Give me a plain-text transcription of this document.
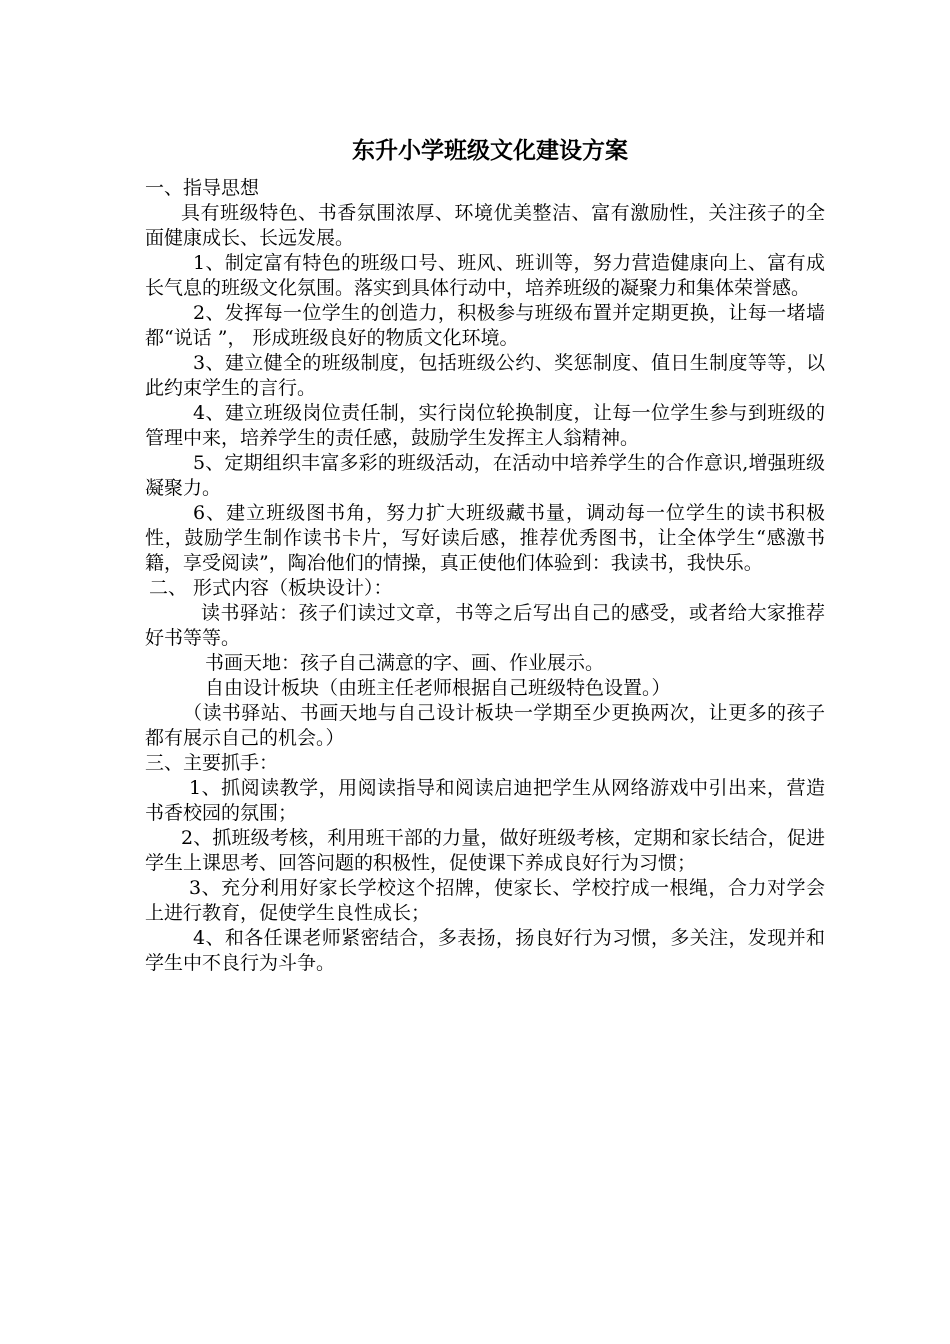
东升小学班级文化建设方案
一、指导思想
具有班级特色、书香氛围浓厚、环境优美整洁、富有激励性，关注孩子的全面健康成长、长远发展。
1、制定富有特色的班级口号、班风、班训等，努力营造健康向上、富有成长气息的班级文化氛围。落实到具体行动中，培养班级的凝聚力和集体荣誉感。
2、发挥每一位学生的创造力，积极参与班级布置并定期更换，让每一堵墙都“说话 ”， 形成班级良好的物质文化环境。
3、建立健全的班级制度，包括班级公约、奖惩制度、值日生制度等等，以此约束学生的言行。
4、建立班级岗位责任制，实行岗位轮换制度，让每一位学生参与到班级的管理中来，培养学生的责任感，鼓励学生发挥主人翁精神。
5、定期组织丰富多彩的班级活动，在活动中培养学生的合作意识,增强班级凝聚力。
6、建立班级图书角，努力扩大班级藏书量，调动每一位学生的读书积极性，鼓励学生制作读书卡片，写好读后感，推荐优秀图书，让全体学生“感激书籍，享受阅读”，陶冶他们的情操，真正使他们体验到：我读书，我快乐。
二、 形式内容（板块设计）：
读书驿站：孩子们读过文章，书等之后写出自己的感受，或者给大家推荐好书等等。
书画天地：孩子自己满意的字、画、作业展示。
自由设计板块（由班主任老师根据自己班级特色设置。）
（读书驿站、书画天地与自己设计板块一学期至少更换两次，让更多的孩子都有展示自己的机会。）
三、主要抓手：
1、抓阅读教学，用阅读指导和阅读启迪把学生从网络游戏中引出来，营造书香校园的氛围；
2、抓班级考核，利用班干部的力量，做好班级考核，定期和家长结合，促进学生上课思考、回答问题的积极性，促使课下养成良好行为习惯；
3、充分利用好家长学校这个招牌，使家长、学校拧成一根绳，合力对学会上进行教育，促使学生良性成长；
4、和各任课老师紧密结合，多表扬，扬良好行为习惯，多关注，发现并和学生中不良行为斗争。
